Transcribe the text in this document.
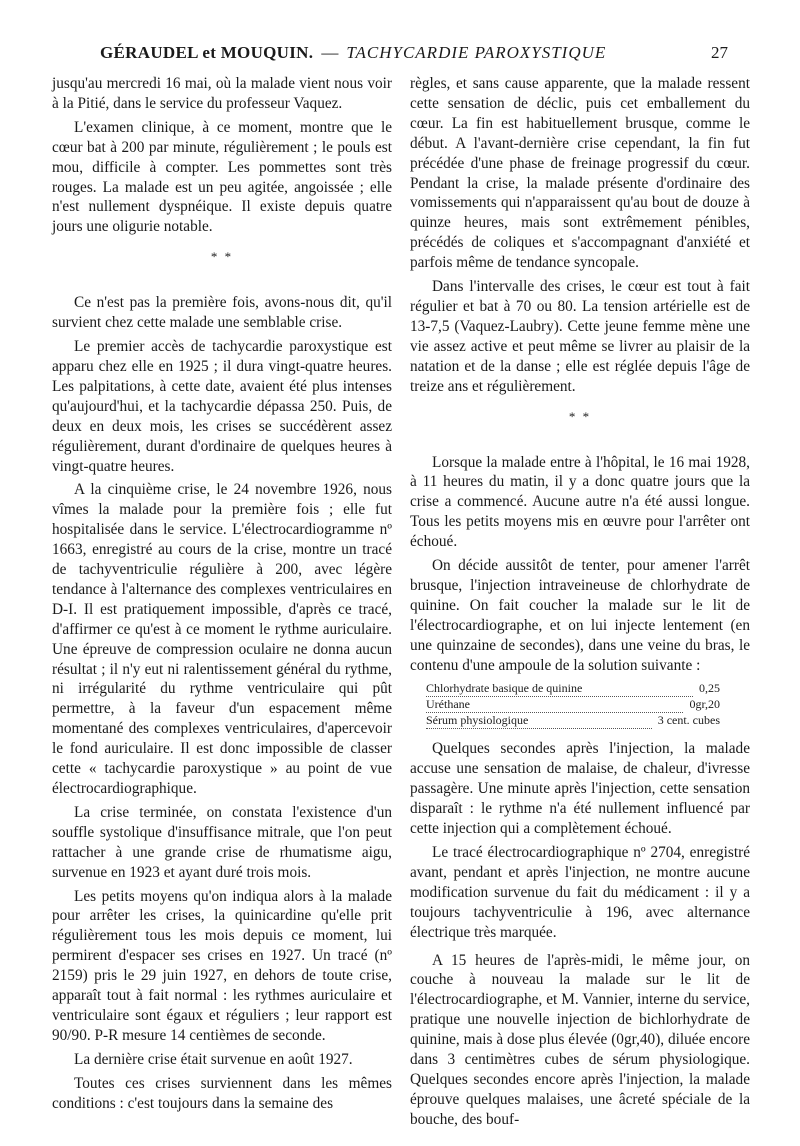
GÉRAUDEL et MOUQUIN. — TACHYCARDIE PAROXYSTIQUE	27

jusqu'au mercredi 16 mai, où la malade vient nous voir à la Pitié, dans le service du professeur Vaquez.

L'examen clinique, à ce moment, montre que le cœur bat à 200 par minute, régulièrement ; le pouls est mou, difficile à compter. Les pommettes sont très rouges. La malade est un peu agitée, angoissée ; elle n'est nullement dyspnéique. Il existe depuis quatre jours une oligurie notable.

* *

Ce n'est pas la première fois, avons-nous dit, qu'il survient chez cette malade une semblable crise.

Le premier accès de tachycardie paroxystique est apparu chez elle en 1925 ; il dura vingt-quatre heures. Les palpitations, à cette date, avaient été plus intenses qu'aujourd'hui, et la tachycardie dépassa 250. Puis, de deux en deux mois, les crises se succédèrent assez régulièrement, durant d'ordinaire de quelques heures à vingt-quatre heures.

A la cinquième crise, le 24 novembre 1926, nous vîmes la malade pour la première fois ; elle fut hospitalisée dans le service. L'électrocardiogramme nº 1663, enregistré au cours de la crise, montre un tracé de tachyventriculie régulière à 200, avec légère tendance à l'alternance des complexes ventriculaires en D-I. Il est pratiquement impossible, d'après ce tracé, d'affirmer ce qu'est à ce moment le rythme auriculaire. Une épreuve de compression oculaire ne donna aucun résultat ; il n'y eut ni ralentissement général du rythme, ni irrégularité du rythme ventriculaire qui pût permettre, à la faveur d'un espacement même momentané des complexes ventriculaires, d'apercevoir le fond auriculaire. Il est donc impossible de classer cette « tachycardie paroxystique » au point de vue électrocardiographique.

La crise terminée, on constata l'existence d'un souffle systolique d'insuffisance mitrale, que l'on peut rattacher à une grande crise de rhumatisme aigu, survenue en 1923 et ayant duré trois mois.

Les petits moyens qu'on indiqua alors à la malade pour arrêter les crises, la quinicardine qu'elle prit régulièrement tous les mois depuis ce moment, lui permirent d'espacer ses crises en 1927. Un tracé (nº 2159) pris le 29 juin 1927, en dehors de toute crise, apparaît tout à fait normal : les rythmes auriculaire et ventriculaire sont égaux et réguliers ; leur rapport est 90/90. P-R mesure 14 centièmes de seconde.

La dernière crise était survenue en août 1927.

Toutes ces crises surviennent dans les mêmes conditions : c'est toujours dans la semaine des

règles, et sans cause apparente, que la malade ressent cette sensation de déclic, puis cet emballement du cœur. La fin est habituellement brusque, comme le début. A l'avant-dernière crise cependant, la fin fut précédée d'une phase de freinage progressif du cœur. Pendant la crise, la malade présente d'ordinaire des vomissements qui n'apparaissent qu'au bout de douze à quinze heures, mais sont extrêmement pénibles, précédés de coliques et s'accompagnant d'anxiété et parfois même de tendance syncopale.

Dans l'intervalle des crises, le cœur est tout à fait régulier et bat à 70 ou 80. La tension artérielle est de 13-7,5 (Vaquez-Laubry). Cette jeune femme mène une vie assez active et peut même se livrer au plaisir de la natation et de la danse ; elle est réglée depuis l'âge de treize ans et régulièrement.

* *

Lorsque la malade entre à l'hôpital, le 16 mai 1928, à 11 heures du matin, il y a donc quatre jours que la crise a commencé. Aucune autre n'a été aussi longue. Tous les petits moyens mis en œuvre pour l'arrêter ont échoué.

On décide aussitôt de tenter, pour amener l'arrêt brusque, l'injection intraveineuse de chlorhydrate de quinine. On fait coucher la malade sur le lit de l'électrocardiographe, et on lui injecte lentement (en une quinzaine de secondes), dans une veine du bras, le contenu d'une ampoule de la solution suivante :

Chlorhydrate basique de quinine	0,25
Uréthane	0gr,20
Sérum physiologique	3 cent. cubes

Quelques secondes après l'injection, la malade accuse une sensation de malaise, de chaleur, d'ivresse passagère. Une minute après l'injection, cette sensation disparaît : le rythme n'a été nullement influencé par cette injection qui a complètement échoué.

Le tracé électrocardiographique nº 2704, enregistré avant, pendant et après l'injection, ne montre aucune modification survenue du fait du médicament : il y a toujours tachyventriculie à 196, avec alternance électrique très marquée.

A 15 heures de l'après-midi, le même jour, on couche à nouveau la malade sur le lit de l'électrocardiographe, et M. Vannier, interne du service, pratique une nouvelle injection de bichlorhydrate de quinine, mais à dose plus élevée (0gr,40), diluée encore dans 3 centimètres cubes de sérum physiologique. Quelques secondes encore après l'injection, la malade éprouve quelques malaises, une âcreté spéciale de la bouche, des bouf-
